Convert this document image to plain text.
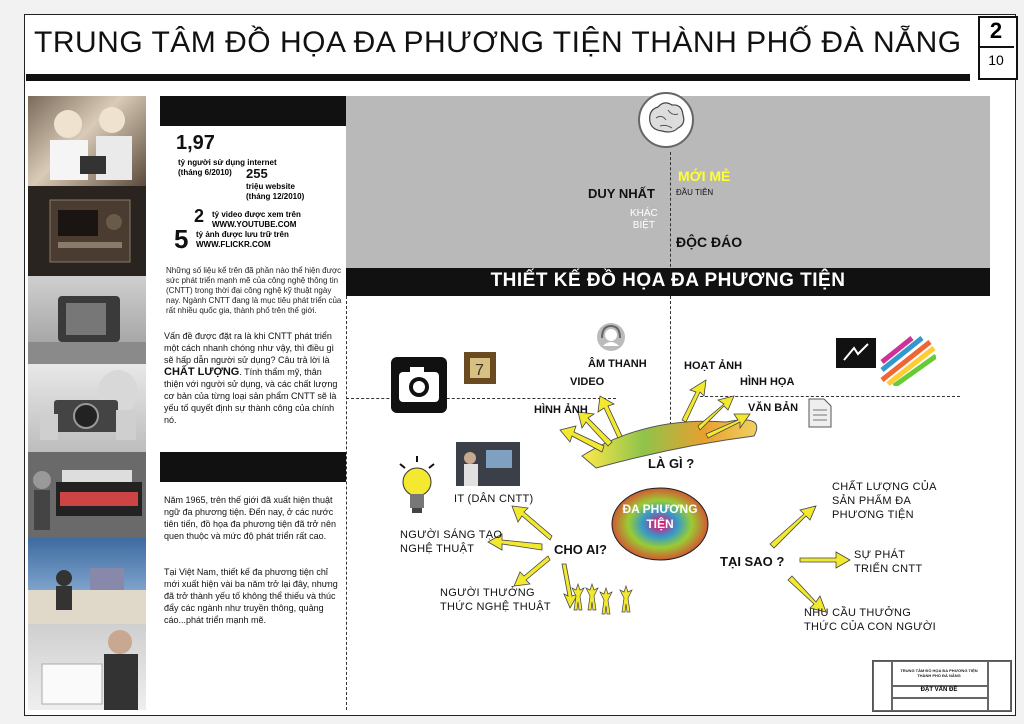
TRUNG TÂM ĐỒ HỌA ĐA PHƯƠNG TIỆN THÀNH PHỐ ĐÀ NẴNG	2
10
1,97
tỷ người sử dụng internet
(tháng 6/2010)	255
triệu website
(tháng 12/2010)
2 tỷ video được xem trên
WWW.YOUTUBE.COM
5 tỷ ảnh được lưu trữ trên
WWW.FLICKR.COM
Những số liệu kể trên đã phần nào thể hiện được sức phát triển mạnh mẽ của công nghệ thông tin (CNTT) trong thời đại công nghệ kỹ thuật ngày nay. Ngành CNTT đang là mục tiêu phát triển của rất nhiều quốc gia, thành phố trên thế giới.
Vấn đề được đặt ra là khi CNTT phát triển một cách nhanh chóng như vậy, thì điều gì sẽ hấp dẫn người sử dụng? Câu trả lời là CHẤT LƯỢNG. Tính thẩm mỹ, thân thiện với người sử dụng, và các chất lượng cơ bản của từng loại sản phẩm CNTT sẽ là yếu tố quyết định sự thành công của chính nó.
Năm 1965, trên thế giới đã xuất hiện thuật ngữ đa phương tiện. Đến nay, ở các nước tiên tiến, đồ họa đa phương tiện đã trở nên quen thuộc và mức độ phát triển rất cao.
Tại Việt Nam, thiết kế đa phương tiện chỉ mới xuất hiện vài ba năm trở lại đây, nhưng đã trở thành yếu tố không thể thiếu và thúc đẩy các ngành như truyền thông, quảng cáo...phát triển mạnh mẽ.
DUY NHẤT
MỚI MẺ
ĐẦU TIÊN
KHÁC
BIỆT
ĐỘC ĐÁO
THIẾT KẾ ĐỒ HỌA ĐA PHƯƠNG TIỆN
7	ÂM THANH
VIDEO
HÌNH ẢNH
HOẠT ẢNH
HÌNH HỌA
VĂN BẢN
LÀ GÌ ?
CHO AI?
TẠI SAO ?
ĐA PHƯƠNG
TIỆN
IT (DÂN CNTT)
NGƯỜI SÁNG TẠO
NGHỆ THUẬT
NGƯỜI THƯỞNG
THỨC NGHỆ THUẬT
CHẤT LƯỢNG CỦA
SẢN PHẨM ĐA
PHƯƠNG TIỆN
SỰ PHÁT
TRIỂN CNTT
NHU CẦU THƯỞNG
THỨC CỦA CON NGƯỜI
TRUNG TÂM ĐỒ HỌA ĐA PHƯƠNG TIỆN
THÀNH PHỐ ĐÀ NẴNG
ĐẶT VẤN ĐỀ
